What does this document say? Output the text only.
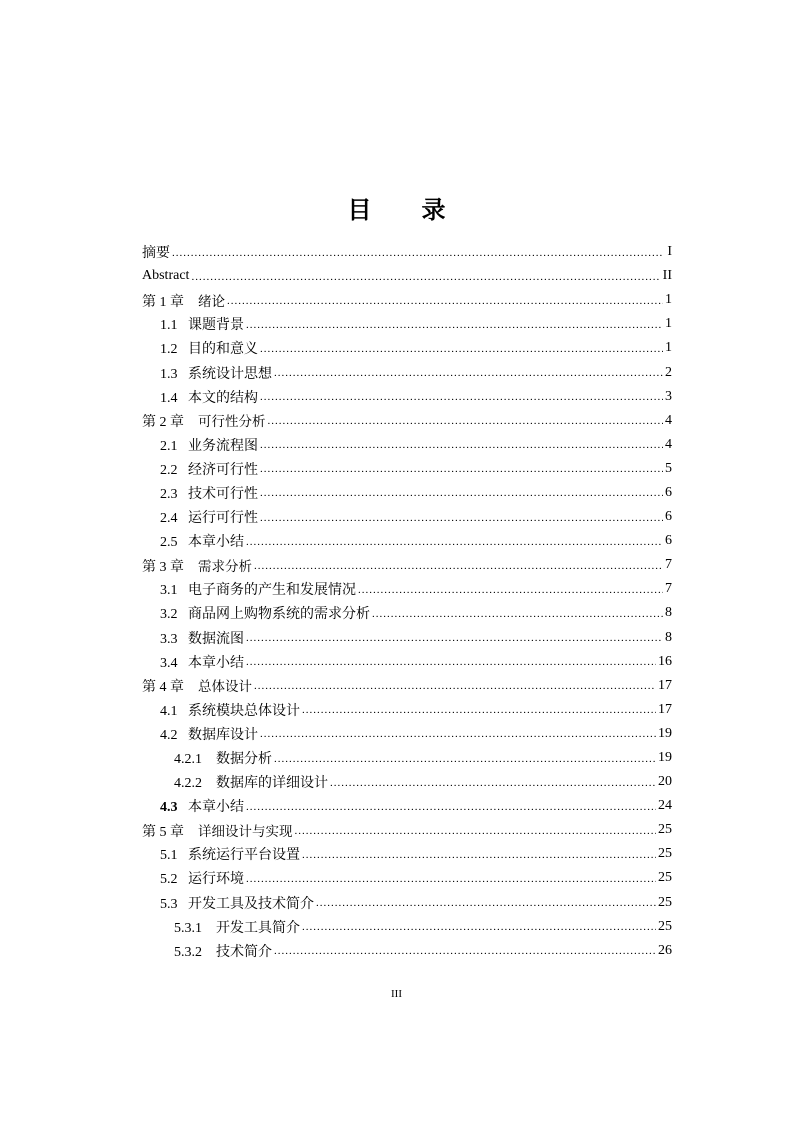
目 录
摘要 .....	I
Abstract .....	II
第 1 章 绪论 .....	1
1.1 课题背景 .....	1
1.2 目的和意义 .....	1
1.3 系统设计思想 .....	2
1.4 本文的结构 .....	3
第 2 章 可行性分析 .....	4
2.1 业务流程图 .....	4
2.2 经济可行性 .....	5
2.3 技术可行性 .....	6
2.4 运行可行性 .....	6
2.5 本章小结 .....	6
第 3 章 需求分析 .....	7
3.1 电子商务的产生和发展情况 .....	7
3.2 商品网上购物系统的需求分析 .....	8
3.3 数据流图 .....	8
3.4 本章小结 .....	16
第 4 章 总体设计 .....	17
4.1 系统模块总体设计 .....	17
4.2 数据库设计 .....	19
4.2.1 数据分析 .....	19
4.2.2 数据库的详细设计 .....	20
4.3 本章小结 .....	24
第 5 章 详细设计与实现 .....	25
5.1 系统运行平台设置 .....	25
5.2 运行环境 .....	25
5.3 开发工具及技术简介 .....	25
5.3.1 开发工具简介 .....	25
5.3.2 技术简介 .....	26
III
